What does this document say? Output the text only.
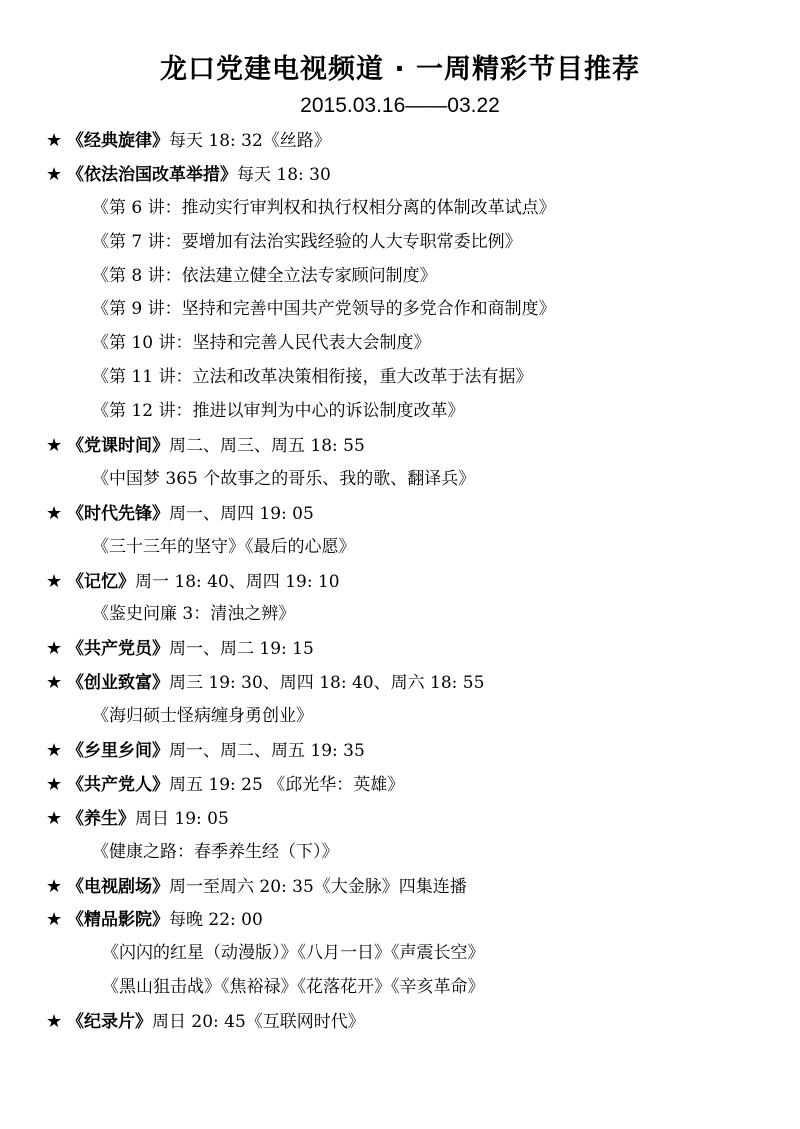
龙口党建电视频道 · 一周精彩节目推荐
2015.03.16——03.22
★ 《经典旋律》每天 18: 32《丝路》
★ 《依法治国改革举措》每天 18: 30
《第 6 讲：推动实行审判权和执行权相分离的体制改革试点》
《第 7 讲：要增加有法治实践经验的人大专职常委比例》
《第 8 讲：依法建立健全立法专家顾问制度》
《第 9 讲：坚持和完善中国共产党领导的多党合作和商制度》
《第 10 讲：坚持和完善人民代表大会制度》
《第 11 讲：立法和改革决策相衔接，重大改革于法有据》
《第 12 讲：推进以审判为中心的诉讼制度改革》
★ 《党课时间》周二、周三、周五 18: 55
《中国梦 365 个故事之的哥乐、我的歌、翻译兵》
★ 《时代先锋》周一、周四 19: 05
《三十三年的坚守》《最后的心愿》
★ 《记忆》周一 18: 40、周四 19: 10
《鉴史问廉 3：清浊之辨》
★ 《共产党员》周一、周二 19: 15
★ 《创业致富》周三 19: 30、周四 18: 40、周六 18: 55
《海归硕士怪病缠身勇创业》
★ 《乡里乡间》周一、周二、周五 19: 35
★ 《共产党人》周五 19: 25 《邱光华：英雄》
★ 《养生》周日 19: 05
《健康之路：春季养生经（下）》
★ 《电视剧场》周一至周六 20: 35《大金脉》四集连播
★ 《精品影院》每晚 22: 00
《闪闪的红星（动漫版）》《八月一日》《声震长空》
《黑山狙击战》《焦裕禄》《花落花开》《辛亥革命》
★ 《纪录片》周日 20: 45《互联网时代》
